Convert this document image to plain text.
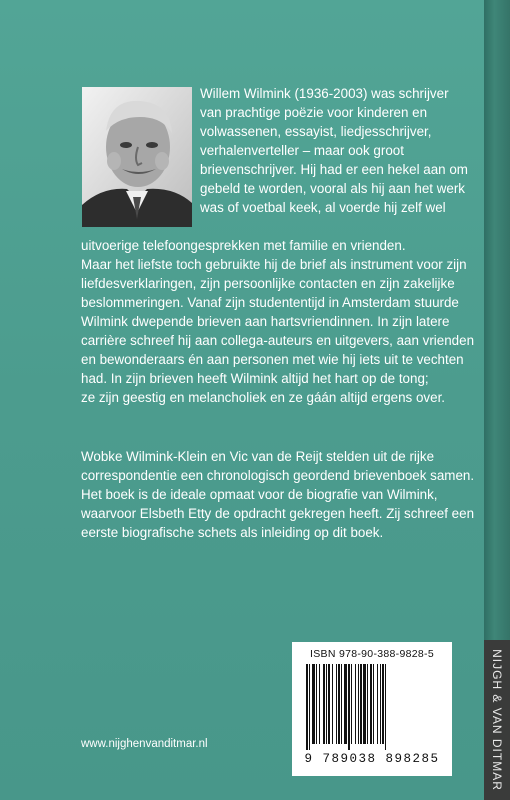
NIJGH & VAN DITMAR
Willem Wilmink (1936-2003) was schrijver
van prachtige poëzie voor kinderen en
volwassenen, essayist, liedjesschrijver,
verhalenverteller – maar ook groot
brievenschrijver. Hij had er een hekel aan om
gebeld te worden, vooral als hij aan het werk
was of voetbal keek, al voerde hij zelf wel
uitvoerige telefoongesprekken met familie en vrienden.
Maar het liefste toch gebruikte hij de brief als instrument voor zijn
liefdesverklaringen, zijn persoonlijke contacten en zijn zakelijke
beslommeringen. Vanaf zijn studententijd in Amsterdam stuurde
Wilmink dwepende brieven aan hartsvriendinnen. In zijn latere
carrière schreef hij aan collega-auteurs en uitgevers, aan vrienden
en bewonderaars én aan personen met wie hij iets uit te vechten
had. In zijn brieven heeft Wilmink altijd het hart op de tong;
ze zijn geestig en melancholiek en ze gáán altijd ergens over.
Wobke Wilmink-Klein en Vic van de Reijt stelden uit de rijke
correspondentie een chronologisch geordend brievenboek samen.
Het boek is de ideale opmaat voor de biografie van Wilmink,
waarvoor Elsbeth Etty de opdracht gekregen heeft. Zij schreef een
eerste biografische schets als inleiding op dit boek.
ISBN 978-90-388-9828-5
9 789038 898285
www.nijghenvanditmar.nl
